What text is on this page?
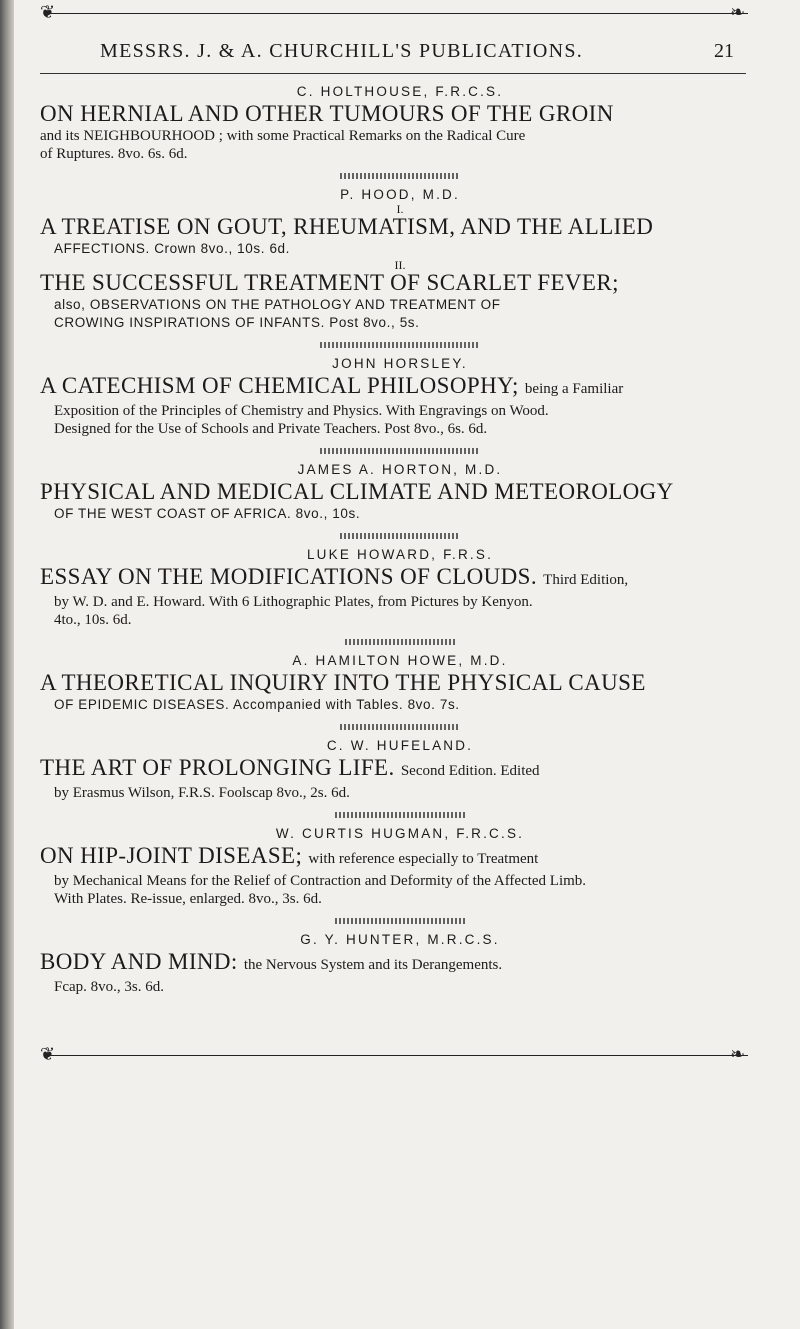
❦	❧
MESSRS. J. & A. CHURCHILL'S PUBLICATIONS.	21

C. HOLTHOUSE, F.R.C.S.

ON HERNIAL AND OTHER TUMOURS OF THE GROIN

and its NEIGHBOURHOOD ; with some Practical Remarks on the Radical Cure

of Ruptures. 8vo. 6s. 6d.

P. HOOD, M.D.

I.

A TREATISE ON GOUT, RHEUMATISM, AND THE ALLIED

AFFECTIONS. Crown 8vo., 10s. 6d.

II.

THE SUCCESSFUL TREATMENT OF SCARLET FEVER;

also, OBSERVATIONS ON THE PATHOLOGY AND TREATMENT OF

CROWING INSPIRATIONS OF INFANTS. Post 8vo., 5s.

JOHN HORSLEY.

A CATECHISM OF CHEMICAL PHILOSOPHY; being a Familiar

Exposition of the Principles of Chemistry and Physics. With Engravings on Wood.

Designed for the Use of Schools and Private Teachers. Post 8vo., 6s. 6d.

JAMES A. HORTON, M.D.

PHYSICAL AND MEDICAL CLIMATE AND METEOROLOGY

OF THE WEST COAST OF AFRICA. 8vo., 10s.

LUKE HOWARD, F.R.S.

ESSAY ON THE MODIFICATIONS OF CLOUDS. Third Edition,

by W. D. and E. Howard. With 6 Lithographic Plates, from Pictures by Kenyon.

4to., 10s. 6d.

A. HAMILTON HOWE, M.D.

A THEORETICAL INQUIRY INTO THE PHYSICAL CAUSE

OF EPIDEMIC DISEASES. Accompanied with Tables. 8vo. 7s.

C. W. HUFELAND.

THE ART OF PROLONGING LIFE. Second Edition. Edited

by Erasmus Wilson, F.R.S. Foolscap 8vo., 2s. 6d.

W. CURTIS HUGMAN, F.R.C.S.

ON HIP-JOINT DISEASE; with reference especially to Treatment

by Mechanical Means for the Relief of Contraction and Deformity of the Affected Limb.

With Plates. Re-issue, enlarged. 8vo., 3s. 6d.

G. Y. HUNTER, M.R.C.S.

BODY AND MIND: the Nervous System and its Derangements.

Fcap. 8vo., 3s. 6d.

❦	❧
